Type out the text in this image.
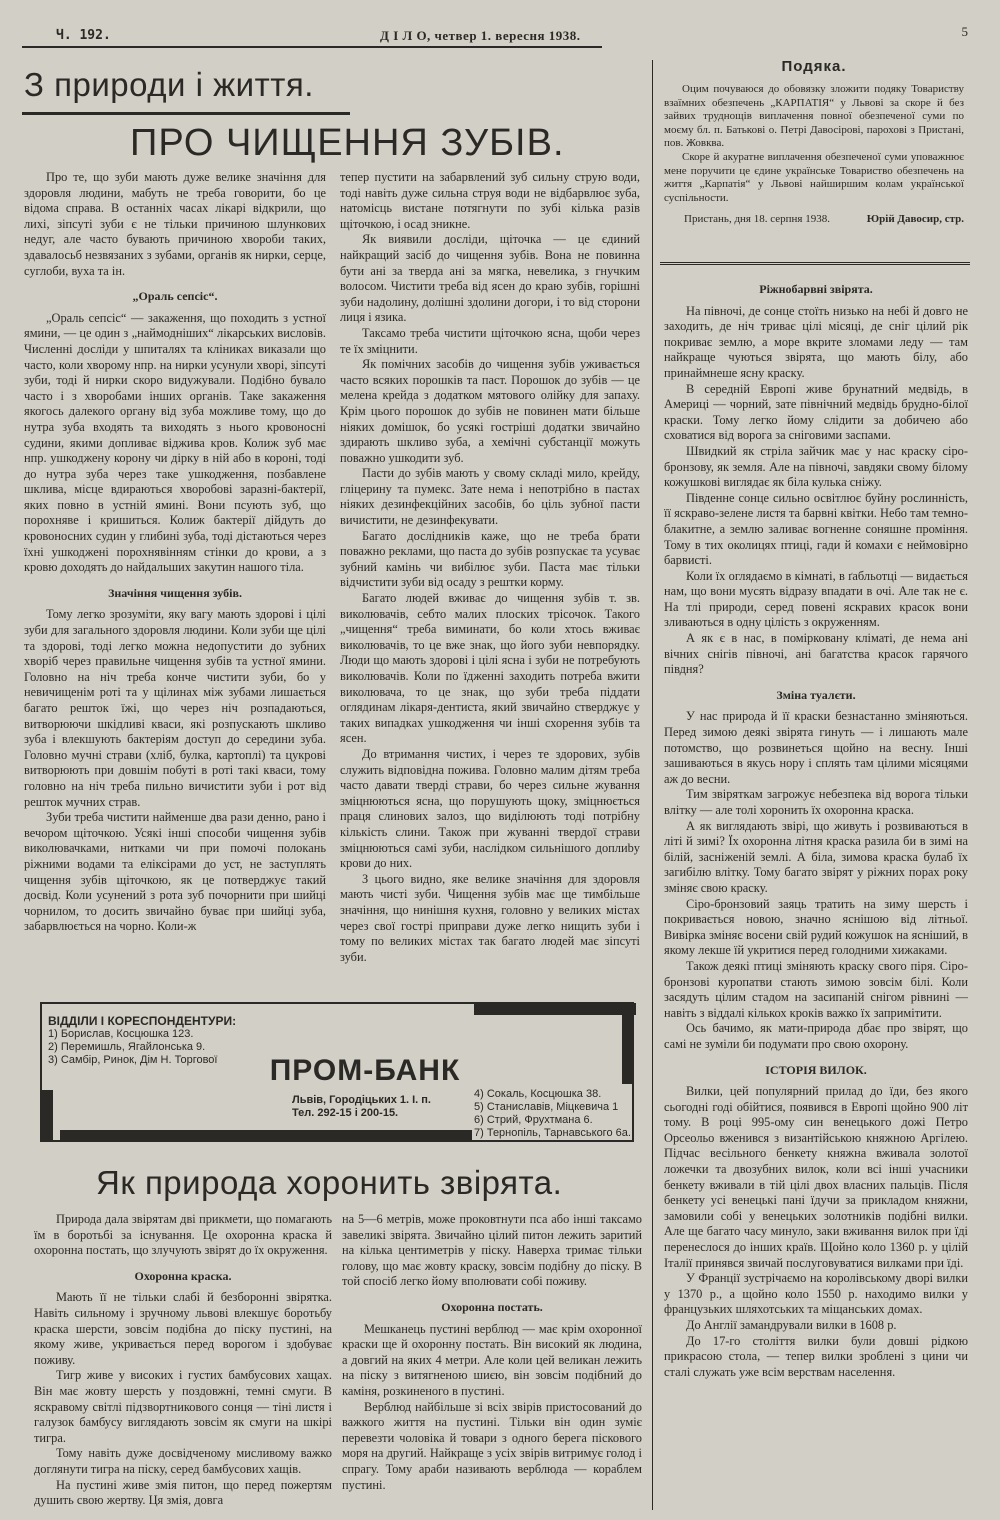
Ч. 192.	Д І Л О, четвер 1. вересня 1938.	5
З природи і життя.
ПРО ЧИЩЕННЯ ЗУБІВ.

Про те, що зуби мають дуже велике значіння для здоровля людини, мабуть не треба говорити, бо це відома справа. В останніх часах лікарі відкрили, що лихі, зіпсуті зуби є не тільки причиною шлункових недуг, але часто бувають причиною хвороби таких, здавалосьб незвязаних з зубами, органів як нирки, серце, суглоби, вуха та ін.

„Ораль сепсіс“.

„Ораль сепсіс“ — закаження, що походить з устної ямини, — це один з „наймодніших“ лікарських висловів. Численні досліди у шпиталях та кліниках виказали що часто, коли хворому нпр. на нирки усунули хворі, зіпсуті зуби, тоді й нирки скоро видужували. Подібно бувало часто і з хворобами інших органів. Таке закаження якогось далекого органу від зуба можливе тому, що до нутра зуба входять та виходять з нього кровоносні судини, якими допливає віджива кров. Колиж зуб має нпр. ушкоджену корону чи дірку в ній або в короні, тоді до нутра зуба через таке ушкодження, позбавлене шклива, місце вдираються хворобові заразні-бактерії, яких повно в устній ямині. Вони псують зуб, що порохняве і кришиться. Колиж бактерії дійдуть до кровоносних судин у глибині зуба, тоді дістаються через їхні ушкоджені порохнявінням стінки до крови, а з кровю доходять до найдальших закутин нашого тіла.

Значіння чищення зубів.

Тому легко зрозуміти, яку вагу мають здорові і цілі зуби для загального здоровля людини. Коли зуби ще цілі та здорові, тоді легко можна недопустити до зубних хворіб через правильне чищення зубів та устної ямини. Головно на ніч треба конче чистити зуби, бо у невичищенім роті та у щілинах між зубами лишається багато решток їжі, що через ніч розпадаються, витворюючи шкідливі кваси, які розпускають шкливо зуба і влекшують бактеріям доступ до середини зуба. Головно мучні страви (хліб, булка, картоплі) та цукрові витворюють при довшім побуті в роті такі кваси, тому головно на ніч треба пильно вичистити зуби і рот від решток мучних страв.

Зуби треба чистити найменше два рази денно, рано і вечором щіточкою. Усякі інші способи чищення зубів виколювачками, нитками чи при помочі полокань ріжними водами та еліксірами до уст, не заступлять чищення зубів щіточкою, як це потверджує такий досвід. Коли усунений з рота зуб почорнити при шийці чорнилом, то досить звичайно буває при шийці зуба, забарвлюється на чорно. Коли-ж

тепер пустити на забарвлений зуб сильну струю води, тоді навіть дуже сильна струя води не відбарвлює зуба, натомісць вистане потягнути по зубі кілька разів щіточкою, і осад зникне.

Як виявили досліди, щіточка — це єдиний найкращий засіб до чищення зубів. Вона не повинна бути ані за тверда ані за мягка, невелика, з гнучким волосом. Чистити треба від ясен до краю зубів, горішні зуби надолину, долішні здолини догори, і то від сторони лиця і язика.

Таксамо треба чистити щіточкою ясна, щоби через те їх зміцнити.

Як помічних засобів до чищення зубів уживається часто всяких порошків та паст. Порошок до зубів — це мелена крейда з додатком мятового олійку для запаху. Крім цього порошок до зубів не повинен мати більше ніяких домішок, бо усякі гостріші додатки звичайно здирають шкливо зуба, а хемічні субстанції можуть поважно ушкодити зуб.

Пасти до зубів мають у свому складі мило, крейду, гліцерину та пумекс. Зате нема і непотрібно в пастах ніяких дезинфекційних засобів, бо ціль зубної пасти вичистити, не дезинфекувати.

Багато дослідників каже, що не треба брати поважно реклами, що паста до зубів розпускає та усуває зубний камінь чи вибілює зуби. Паста має тільки відчистити зуби від осаду з рештки корму.

Багато людей вживає до чищення зубів т. зв. виколювачів, себто малих плоских трісочок. Такого „чищення“ треба виминати, бо коли хтось вживає виколювачів, то це вже знак, що його зуби невпорядку. Люди що мають здорові і цілі ясна і зуби не потребують виколювачів. Коли по їдженні заходить потреба вжити виколювача, то це знак, що зуби треба піддати оглядинам лікаря-дентиста, який звичайно стверджує у таких випадках ушкодження чи інші схорення зубів та ясен.

До втримання чистих, і через те здорових, зубів служить відповідна поживa. Головно малим дітям треба часто давати тверді страви, бо через сильне жування зміцнюються ясна, що порушують щоку, зміцнюється праця слинових залоз, що виділюють тоді потрібну кількість слини. Також при жуванні твердої страви зміцнюються самі зуби, наслідком сильнішого доплиbу крови до них.

З цього видно, яке велике значіння для здоровля мають чисті зуби. Чищення зубів має ще тимбільше значіння, що нинішня кухня, головно у великих містах через свої гострі приправи дуже легко нищить зуби і тому по великих містах так багато людей має зіпсуті зуби.

Подяка.

Оцим почуваюся до обовязку зложити подяку Товариству взаїмних обезпечень „КАРПАТІЯ“ у Львові за скоре й без зайвих труднощів виплачення повної обезпеченої суми по моєму бл. п. Батькові о. Петрі Давосірові, парохові з Пристані, пов. Жовква.

Скоре й акуратне виплачення обезпеченої суми уповажнює мене поручити це єдине українське Товариство обезпечень на життя „Карпатія“ у Львові найширшим колам української суспільности.

Пристань, дня 18. серпня 1938.	Юрій Давосир, стр.
Ріжнобарвні звірята.

На півночі, де сонце стоїть низько на небі й довго не заходить, де ніч триває цілі місяці, де сніг цілий рік покриває землю, а море вкрите зломами леду — там найкраще чуються звірята, що мають білу, або принаймнеше ясну краску.

В середній Европі живе брунатний медвідь, в Америці — чорний, зате північний медвідь брудно-білої краски. Тому легко йому слідити за добичею або сховатися від ворога за сніговими заспами.

Швидкий як стріла зайчик має у нас краску сіро-бронзову, як земля. Але на півночі, завдяки свому білому кожушкові виглядає як біла кулька сніжу.

Південне сонце сильно освітлює буйну рослинність, її яскраво-зелене листя та барвні квітки. Небо там темно-блакитне, а землю заливає вогненне соняшне проміння. Тому в тих околицях птиці, гади й комахи є неймовірно барвисті.

Коли їх оглядаємо в кімнаті, в ґабльотці — видається нам, що вони мусять відразу впадати в очі. Але так не є. На тлі природи, серед повені яскравих красок вони зливаються в одну цілість з окруженням.

А як є в нас, в помірковану кліматі, де нема ані вічних снігів півночі, ані багатства красок гарячого півдня?

Зміна туалєти.

У нас природа й її краски безнастанно зміняються. Перед зимою деякі звірята гинуть — і лишають мале потомство, що розвинеться щойно на весну. Інші зашиваються в якусь нору і сплять там цілими місяцями аж до весни.

Тим звіряткам загрожує небезпека від ворога тільки влітку — але толі хоронить їх охоронна краска.

А як виглядають звірі, що живуть і розвиваються в літі й зимі? Їх охоронна літня краска разила би в зимі на білій, засніженій землі. А біла, зимова краска булаб їх загибілю влітку. Тому багато звірят у ріжних порах року зміняє свою краску.

Сіро-бронзовий заяць тратить на зиму шерсть і покривається новою, значно яснішою від літньої. Вивірка зміняє восени свій рудий кожушок на ясніший, в якому лекше їй укритися перед голодними хижаками.

Також деякі птиці зміняють краску свого піря. Сіро-бронзові куропатви стають зимою зовсім білі. Коли засядуть цілим стадом на засипаній снігом рівнині — навіть з віддалі кількох кроків важко їх запримітити.

Ось бачимо, як мати-природа дбає про звірят, що самі не зуміли би подумати про свою охорону.

ІСТОРІЯ ВИЛОК.

Вилки, цей популярний прилад до їди, без якого сьогодні годі обійтися, появився в Европі щойно 900 літ тому. В році 995-ому син венецького дожі Петро Орсеольо вженився з византійською княжною Аргілею. Підчас весільного бенкету княжна вживала золотої ложечки та двозубних вилок, коли всі інші учасники бенкету вживали в тій цілі двох власних пальців. Після бенкету усі венецькі пані їдучи за прикладом княжни, замовили собі у венецьких золотників подібні вилки. Але ще багато часу минуло, заки вживання вилок при їді перенеслося до інших країв. Щойно коло 1360 р. у цілій Італії принявся звичай послуговуватися вилками при їді.

У Франції зустрічаємо на королівському дворі вилки у 1370 р., а щойно коло 1550 р. находимо вилки у французьких шляхотських та міщанських домах.

До Англії замандрували вилки в 1608 р.

До 17-го століття вилки були довші рідкою прикрасою стола, — тепер вилки зроблені з цини чи сталі служать уже всім верствам населення.

ВІДДІЛИ І КОРЕСПОНДЕНТУРИ:
1) Борислав, Косцюшка 123.
2) Перемишль, Ягайлонська 9.
3) Самбір, Ринок, Дім Н. Торгової	ПРОМ-БАНК
Львів, Городіцьких 1. І. п.
Тел. 292-15 і 200-15.
4) Сокаль, Косцюшка 38.
5) Станиславів, Міцкевича 1
6) Стрий, Фрухтмана 6.
7) Тернопіль, Тарнавського 6а.
Як природа хоронить звірята.

Природа дала звірятам дві прикмети, що помагають їм в боротьбі за існування. Це охоронна краска й охоронна постать, що злучують звірят до їх окруження.

Охоронна краска.

Мають її не тільки слабі й безборонні звірятка. Навіть сильному і зручному львові влекшує боротьбу краска шерсти, зовсім подібна до піску пустині, на якому живе, укривається перед ворогом і здобуває поживу.

Тигр живе у високих і густих бамбусових хащах. Він має жовту шерсть у поздовжні, темні смуги. В яскравому світлі підзвортникового сонця — тіні листя і галузок бамбусу виглядають зовсім як смуги на шкірі тигра.

Тому навіть дуже досвідченому мисливому важко доглянути тигра на піску, серед бамбусових хащів.

На пустині живе змія питон, що перед пожертям душить свою жертву. Ця змія, довга

на 5—6 метрів, може проковтнути пса або інші таксамо завеликі звірята. Звичайно цілий питон лежить заритий на кілька центиметрів у піску. Наверха тримає тільки голову, що має жовту краску, зовсім подібну до піску. В той спосіб легко йому вполювати собі поживу.

Охоронна постать.

Мешканець пустині верблюд — має крім охоронної краски ще й охоронну постать. Він високий як людина, а довгий на яких 4 метри. Але коли цей великан лежить на піску з витягненою шиєю, він зовсім подібний до каміня, розкиненого в пустині.

Верблюд найбільше зі всіх звірів пристосований до важкого життя на пустині. Тільки він один зуміє перевезти чоловіка й товари з одного берега піскового моря на другий. Найкраще з усіх звірів витримує голод і спрагу. Тому араби називають верблюда — кораблем пустині.
